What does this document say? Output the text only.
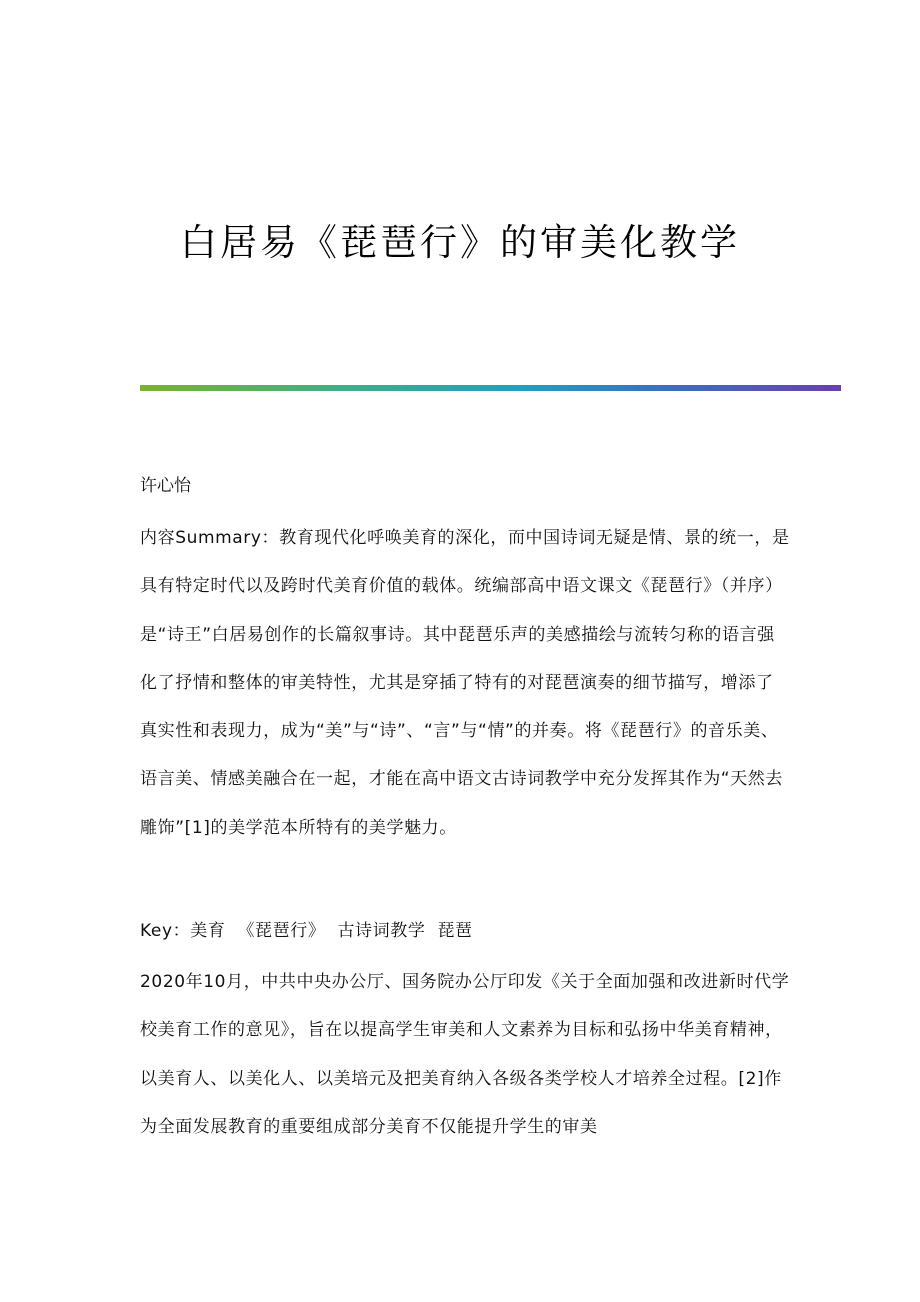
白居易《琵琶行》的审美化教学
许心怡

内容Summary：教育现代化呼唤美育的深化，而中国诗词无疑是情、景的统一，是具有特定时代以及跨时代美育价值的载体。统编部高中语文课文《琵琶行》（并序）是“诗王”白居易创作的长篇叙事诗。其中琵琶乐声的美感描绘与流转匀称的语言强化了抒情和整体的审美特性，尤其是穿插了特有的对琵琶演奏的细节描写，增添了真实性和表现力，成为“美”与“诗”、“言”与“情”的并奏。将《琵琶行》的音乐美、语言美、情感美融合在一起，才能在高中语文古诗词教学中充分发挥其作为“天然去雕饰”[1]的美学范本所特有的美学魅力。

Key：美育 《琵琶行》 古诗词教学 琵琶

2020年10月，中共中央办公厅、国务院办公厅印发《关于全面加强和改进新时代学校美育工作的意见》，旨在以提高学生审美和人文素养为目标和弘扬中华美育精神，以美育人、以美化人、以美培元及把美育纳入各级各类学校人才培养全过程。[2]作为全面发展教育的重要组成部分美育不仅能提升学生的审美
